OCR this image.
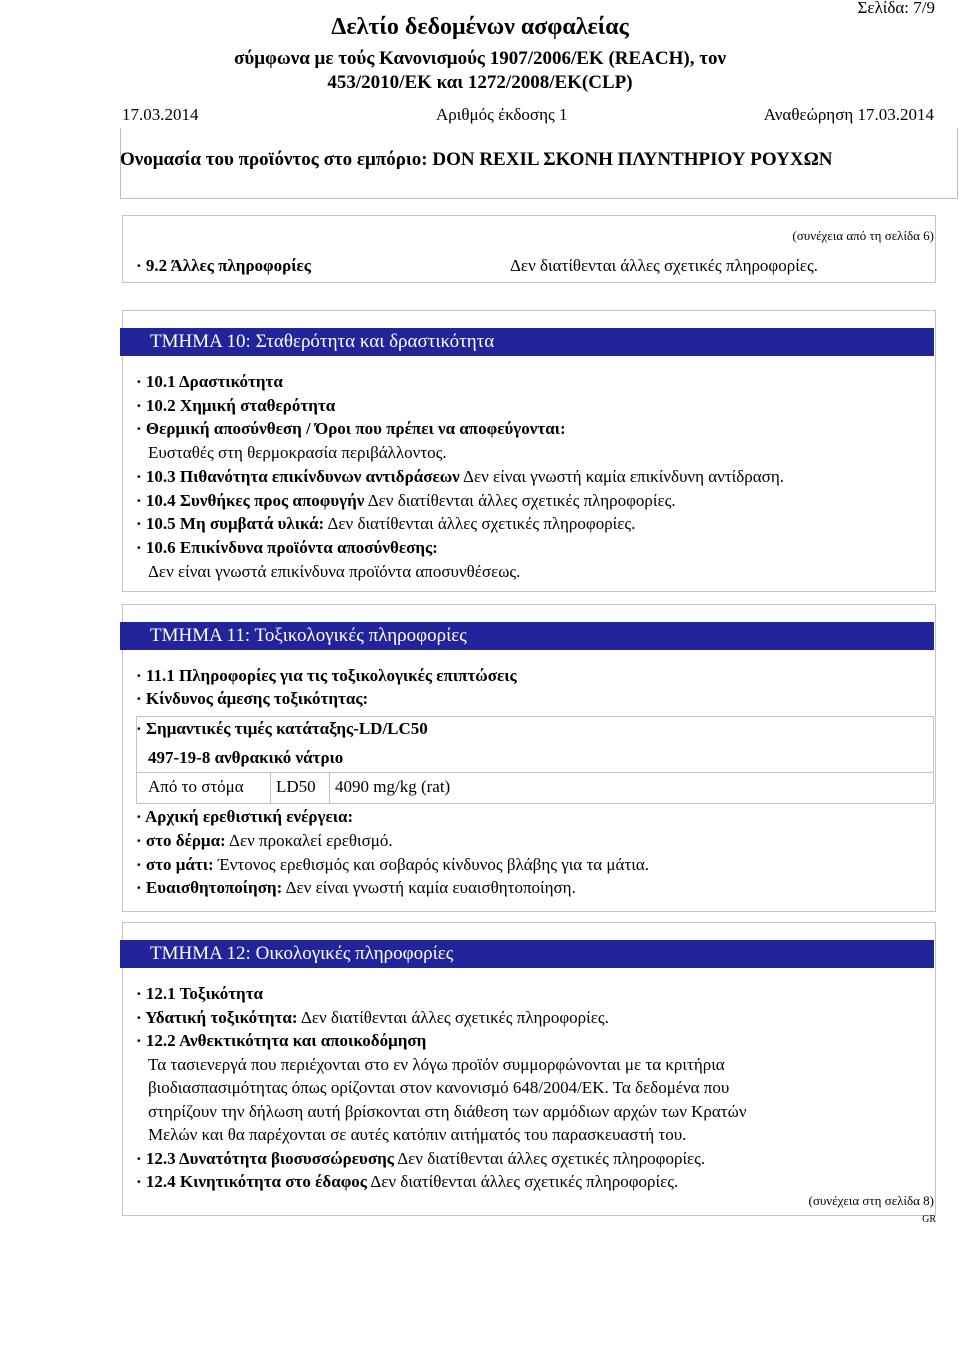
Σελίδα: 7/9
Δελτίο δεδομένων ασφαλείας
σύμφωνα με τούς Κανονισμούς 1907/2006/ΕΚ (REACH), τον
453/2010/ΕΚ και 1272/2008/ΕΚ(CLP)
17.03.2014	Αριθμός έκδοσης 1	Αναθεώρηση 17.03.2014
Ονομασία του προϊόντος στο εμπόριο: DON REXIL ΣΚΟΝΗ ΠΛΥΝΤΗΡΙΟΥ ΡΟΥΧΩΝ
(συνέχεια από τη σελίδα 6)
· 9.2 Άλλες πληροφορίες	Δεν διατίθενται άλλες σχετικές πληροφορίες.
ΤΜΗΜΑ 10: Σταθερότητα και δραστικότητα
· 10.1 Δραστικότητα
· 10.2 Χημική σταθερότητα
· Θερμική αποσύνθεση / Όροι που πρέπει να αποφεύγονται:
Ευσταθές στη θερμοκρασία περιβάλλοντος.
· 10.3 Πιθανότητα επικίνδυνων αντιδράσεων Δεν είναι γνωστή καμία επικίνδυνη αντίδραση.
· 10.4 Συνθήκες προς αποφυγήν Δεν διατίθενται άλλες σχετικές πληροφορίες.
· 10.5 Μη συμβατά υλικά: Δεν διατίθενται άλλες σχετικές πληροφορίες.
· 10.6 Επικίνδυνα προϊόντα αποσύνθεσης:
Δεν είναι γνωστά επικίνδυνα προϊόντα αποσυνθέσεως.
ΤΜΗΜΑ 11: Τοξικολογικές πληροφορίες
· 11.1 Πληροφορίες για τις τοξικολογικές επιπτώσεις
· Κίνδυνος άμεσης τοξικότητας:
· Σημαντικές τιμές κατάταξης-LD/LC50
497-19-8 ανθρακικό νάτριο
Από το στόμα LD50 4090 mg/kg (rat)
· Αρχική ερεθιστική ενέργεια:
· στο δέρμα: Δεν προκαλεί ερεθισμό.
· στο μάτι: Έντονος ερεθισμός και σοβαρός κίνδυνος βλάβης για τα μάτια.
· Ευαισθητοποίηση: Δεν είναι γνωστή καμία ευαισθητοποίηση.
ΤΜΗΜΑ 12: Οικολογικές πληροφορίες
· 12.1 Τοξικότητα
· Υδατική τοξικότητα: Δεν διατίθενται άλλες σχετικές πληροφορίες.
· 12.2 Ανθεκτικότητα και αποικοδόμηση
Τα τασιενεργά που περιέχονται στο εν λόγω προϊόν συμμορφώνονται με τα κριτήρια
βιοδιασπασιμότητας όπως ορίζονται στον κανονισμό 648/2004/ΕΚ. Τα δεδομένα που
στηρίζουν την δήλωση αυτή βρίσκονται στη διάθεση των αρμόδιων αρχών των Κρατών
Μελών και θα παρέχονται σε αυτές κατόπιν αιτήματός του παρασκευαστή του.
· 12.3 Δυνατότητα βιοσυσσώρευσης Δεν διατίθενται άλλες σχετικές πληροφορίες.
· 12.4 Κινητικότητα στο έδαφος Δεν διατίθενται άλλες σχετικές πληροφορίες.
(συνέχεια στη σελίδα 8)
GR
